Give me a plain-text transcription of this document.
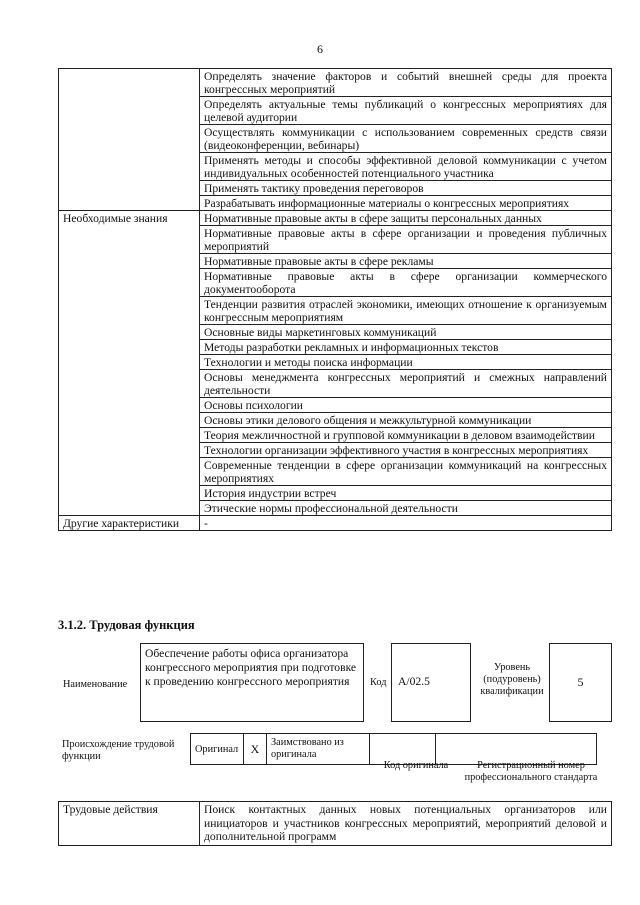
6
	Определять значение факторов и событий внешней среды для проекта конгрессных мероприятий
	Определять актуальные темы публикаций о конгрессных мероприятиях для целевой аудитории
	Осуществлять коммуникации с использованием современных средств связи (видеоконференции, вебинары)
	Применять методы и способы эффективной деловой коммуникации с учетом индивидуальных особенностей потенциального участника
	Применять тактику проведения переговоров
	Разрабатывать информационные материалы о конгрессных мероприятиях
Необходимые знания	Нормативные правовые акты в сфере защиты персональных данных
	Нормативные правовые акты в сфере организации и проведения публичных мероприятий
	Нормативные правовые акты в сфере рекламы
	Нормативные правовые акты в сфере организации коммерческого документооборота
	Тенденции развития отраслей экономики, имеющих отношение к организуемым конгрессным мероприятиям
	Основные виды маркетинговых коммуникаций
	Методы разработки рекламных и информационных текстов
	Технологии и методы поиска информации
	Основы менеджмента конгрессных мероприятий и смежных направлений деятельности
	Основы психологии
	Основы этики делового общения и межкультурной коммуникации
	Теория межличностной и групповой коммуникации в деловом взаимодействии
	Технологии организации эффективного участия в конгрессных мероприятиях
	Современные тенденции в сфере организации коммуникаций на конгрессных мероприятиях
	История индустрии встреч
	Этические нормы профессиональной деятельности
Другие характеристики	-
3.1.2. Трудовая функция
Наименование
Обеспечение работы офиса организатора конгрессного мероприятия при подготовке к проведению конгрессного мероприятия	Код А/02.5
Уровень (подуровень) квалификации
5
Происхождение трудовой функции
Оригинал	X	Заимствовано из оригинала		
Код оригинала	Регистрационный номер профессионального стандарта
Трудовые действия	Поиск контактных данных новых потенциальных организаторов или инициаторов и участников конгрессных мероприятий, мероприятий деловой и дополнительной программ
